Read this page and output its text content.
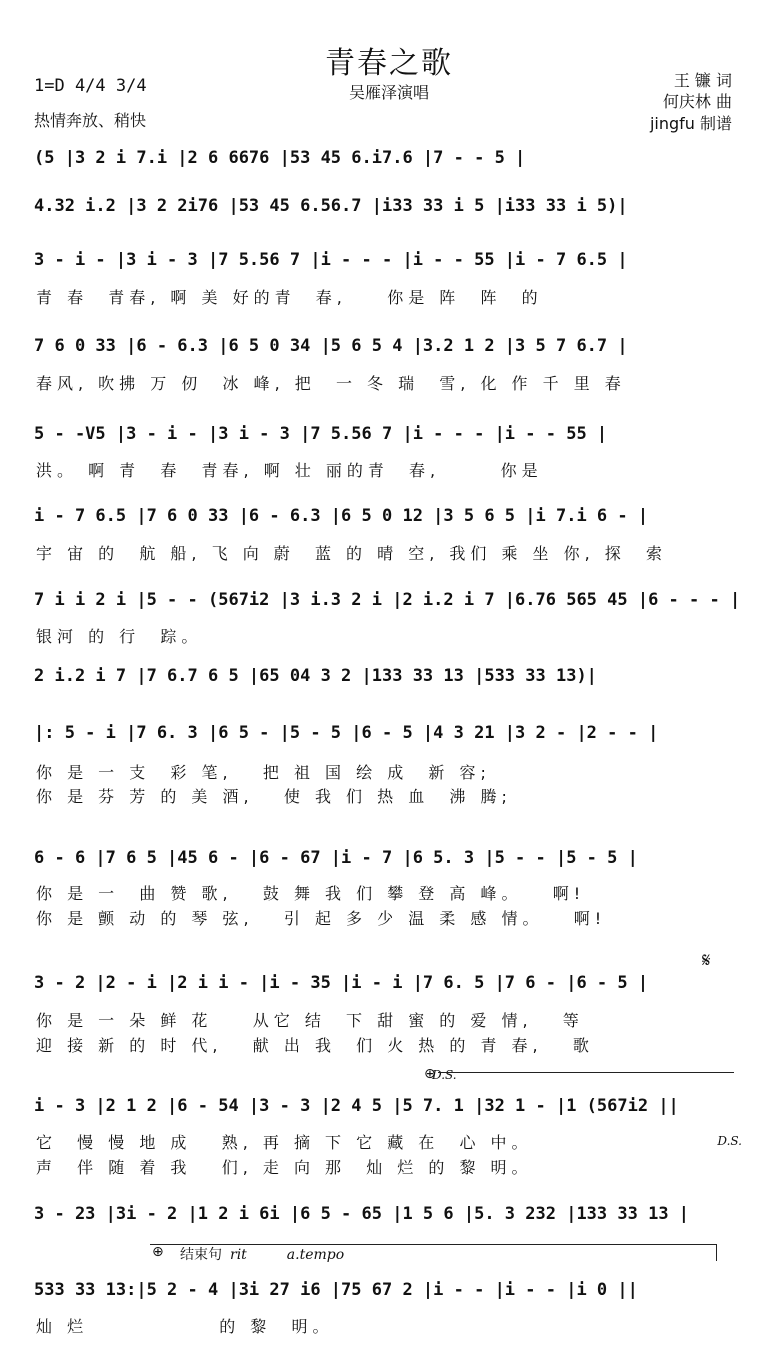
青春之歌
吴雁泽演唱
1=D 4/4 3/4
热情奔放、稍快
王 镰 词
何庆林 曲
jingfu 制谱
(5 |3 2 i 7.i |2 6 6676 |53 45 6.i7.6 |7 - - 5 |
4.32 i.2 |3 2 2i76 |53 45 6.56.7 |i33 33 i 5 |i33 33 i 5)|
3 - i - |3 i - 3 |7 5.56 7 |i - - - |i - - 55 |i - 7 6.5 |
青 春  青春, 啊 美 好的青  春,    你是 阵  阵  的
7 6 0 33 |6 - 6.3 |6 5 0 34 |5 6 5 4 |3.2 1 2 |3 5 7 6.7 |
春风, 吹拂 万 仞  冰 峰, 把  一 冬 瑞  雪, 化 作 千 里 春
5 - -V5 |3 - i - |3 i - 3 |7 5.56 7 |i - - - |i - - 55 |
洪。 啊 青  春  青春, 啊 壮 丽的青  春,      你是
i - 7 6.5 |7 6 0 33 |6 - 6.3 |6 5 0 12 |3 5 6 5 |i 7.i 6 - |
宇 宙 的  航 船, 飞 向 蔚  蓝 的 晴 空, 我们 乘 坐 你, 探  索
7 i i 2 i |5 - - (567i2 |3 i.3 2 i |2 i.2 i 7 |6.76 565 45 |6 - - - |
银河 的 行  踪。
2 i.2 i 7 |7 6.7 6 5 |65 04 3 2 |133 33 13 |533 33 13)|
|: 5 - i |7 6. 3 |6 5 - |5 - 5 |6 - 5 |4 3 21 |3 2 - |2 - - |
你 是 一 支  彩 笔,   把 祖 国 绘 成  新 容;
你 是 芬 芳 的 美 酒,   使 我 们 热 血  沸 腾;
6 - 6 |7 6 5 |45 6 - |6 - 67 |i - 7 |6 5. 3 |5 - - |5 - 5 |
你 是 一  曲 赞 歌,   鼓 舞 我 们 攀 登 高 峰。   啊!
你 是 颤 动 的 琴 弦,   引 起 多 少 温 柔 感 情。   啊!
𝄋
3 - 2 |2 - i |2 i i - |i - 35 |i - i |7 6. 5 |7 6 - |6 - 5 |
你 是 一 朵 鲜 花    从它 结  下 甜 蜜 的 爱 情,   等
迎 接 新 的 时 代,   献 出 我  们 火 热 的 青 春,   歌
⊕
D.S.
i - 3 |2 1 2 |6 - 54 |3 - 3 |2 4 5 |5 7. 1 |32 1 - |1 (567i2 ||
它  慢 慢 地 成   熟, 再 摘 下 它 藏 在  心 中。
声  伴 随 着 我   们, 走 向 那  灿 烂 的 黎 明。
D.S.
3 - 23 |3i - 2 |1 2 i 6i |6 5 - 65 |1 5 6 |5. 3 232 |133 33 13 |
⊕ 结束句 rit	a.tempo
533 33 13:|5 2 - 4 |3i 27 i6 |75 67 2 |i - - |i - - |i 0 ||
灿 烂             的 黎  明。
